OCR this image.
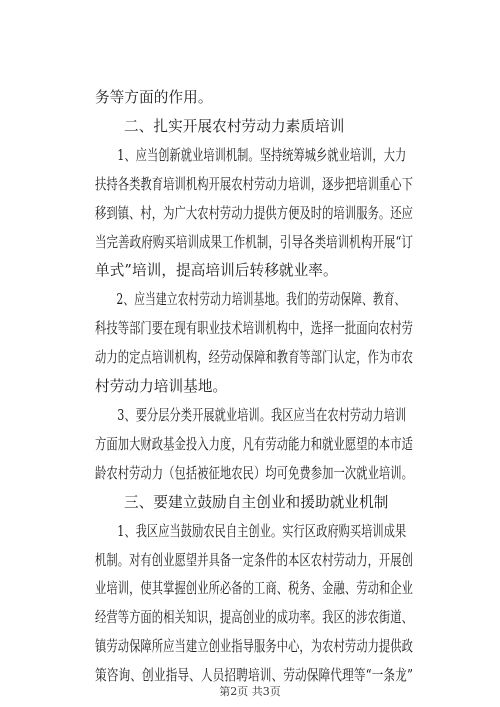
务等方面的作用。
二、扎实开展农村劳动力素质培训
1、应当创新就业培训机制。坚持统筹城乡就业培训，大力
扶持各类教育培训机构开展农村劳动力培训，逐步把培训重心下
移到镇、村，为广大农村劳动力提供方便及时的培训服务。还应
当完善政府购买培训成果工作机制，引导各类培训机构开展“订
单式”培训，提高培训后转移就业率。
2、应当建立农村劳动力培训基地。我们的劳动保障、教育、
科技等部门要在现有职业技术培训机构中，选择一批面向农村劳
动力的定点培训机构，经劳动保障和教育等部门认定，作为市农
村劳动力培训基地。
3、要分层分类开展就业培训。我区应当在农村劳动力培训
方面加大财政基金投入力度，凡有劳动能力和就业愿望的本市适
龄农村劳动力（包括被征地农民）均可免费参加一次就业培训。
三、要建立鼓励自主创业和援助就业机制
1、我区应当鼓励农民自主创业。实行区政府购买培训成果
机制。对有创业愿望并具备一定条件的本区农村劳动力，开展创
业培训，使其掌握创业所必备的工商、税务、金融、劳动和企业
经营等方面的相关知识，提高创业的成功率。我区的涉农街道、
镇劳动保障所应当建立创业指导服务中心，为农村劳动力提供政
策咨询、创业指导、人员招聘培训、劳动保障代理等“一条龙”
第2页 共3页
